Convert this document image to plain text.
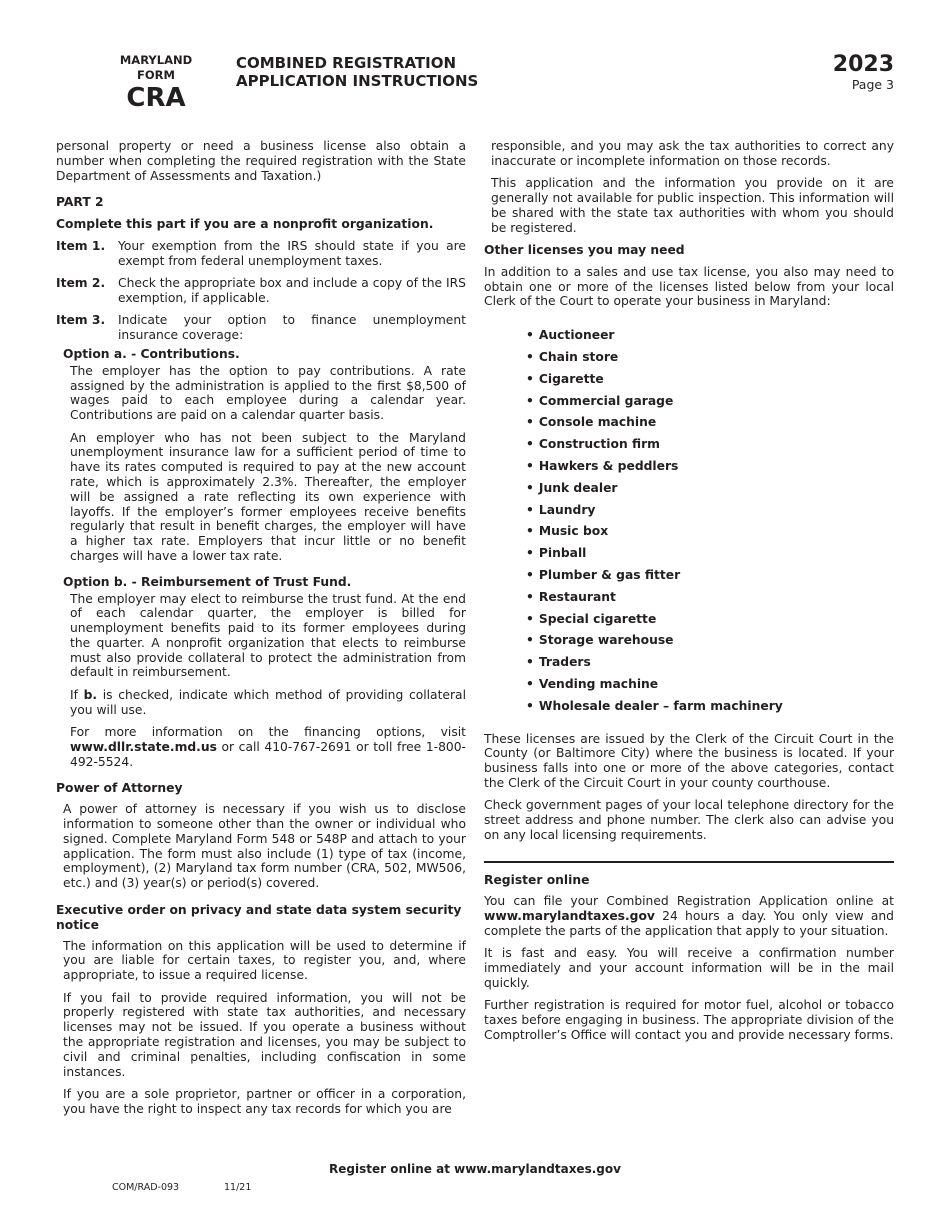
MARYLAND
FORM
CRA
COMBINED REGISTRATION
APPLICATION INSTRUCTIONS
2023
Page 3

personal property or need a business license also obtain a number when completing the required registration with the State Department of Assessments and Taxation.)

PART 2
Complete this part if you are a nonprofit organization.
Item 1.	Your exemption from the IRS should state if you are exempt from federal unemployment taxes.
Item 2.	Check the appropriate box and include a copy of the IRS exemption, if applicable.
Item 3.	Indicate your option to finance unemployment insurance coverage:
Option a. - Contributions.

The employer has the option to pay contributions. A rate assigned by the administration is applied to the first $8,500 of wages paid to each employee during a calendar year. Contributions are paid on a calendar quarter basis.

An employer who has not been subject to the Maryland unemployment insurance law for a sufficient period of time to have its rates computed is required to pay at the new account rate, which is approximately 2.3%. Thereafter, the employer will be assigned a rate reflecting its own experience with layoffs. If the employer’s former employees receive benefits regularly that result in benefit charges, the employer will have a higher tax rate. Employers that incur little or no benefit charges will have a lower tax rate.

Option b. - Reimbursement of Trust Fund.

The employer may elect to reimburse the trust fund. At the end of each calendar quarter, the employer is billed for unemployment benefits paid to its former employees during the quarter. A nonprofit organization that elects to reimburse must also provide collateral to protect the administration from default in reimbursement.

If b. is checked, indicate which method of providing collateral you will use.

For more information on the financing options, visit www.dllr.state.md.us or call 410-767-2691 or toll free 1-800-492-5524.

Power of Attorney

A power of attorney is necessary if you wish us to disclose information to someone other than the owner or individual who signed. Complete Maryland Form 548 or 548P and attach to your application. The form must also include (1) type of tax (income, employment), (2) Maryland tax form number (CRA, 502, MW506, etc.) and (3) year(s) or period(s) covered.

Executive order on privacy and state data system security notice

The information on this application will be used to determine if you are liable for certain taxes, to register you, and, where appropriate, to issue a required license.

If you fail to provide required information, you will not be properly registered with state tax authorities, and necessary licenses may not be issued. If you operate a business without the appropriate registration and licenses, you may be subject to civil and criminal penalties, including confiscation in some instances.

If you are a sole proprietor, partner or officer in a corporation, you have the right to inspect any tax records for which you are

responsible, and you may ask the tax authorities to correct any inaccurate or incomplete information on those records.

This application and the information you provide on it are generally not available for public inspection. This information will be shared with the state tax authorities with whom you should be registered.

Other licenses you may need

In addition to a sales and use tax license, you also may need to obtain one or more of the licenses listed below from your local Clerk of the Court to operate your business in Maryland:

• Auctioneer
• Chain store
• Cigarette
• Commercial garage
• Console machine
• Construction firm
• Hawkers & peddlers
• Junk dealer
• Laundry
• Music box
• Pinball
• Plumber & gas fitter
• Restaurant
• Special cigarette
• Storage warehouse
• Traders
• Vending machine
• Wholesale dealer – farm machinery

These licenses are issued by the Clerk of the Circuit Court in the County (or Baltimore City) where the business is located. If your business falls into one or more of the above categories, contact the Clerk of the Circuit Court in your county courthouse.

Check government pages of your local telephone directory for the street address and phone number. The clerk also can advise you on any local licensing requirements.

Register online

You can file your Combined Registration Application online at www.marylandtaxes.gov 24 hours a day. You only view and complete the parts of the application that apply to your situation.

It is fast and easy. You will receive a confirmation number immediately and your account information will be in the mail quickly.

Further registration is required for motor fuel, alcohol or tobacco taxes before engaging in business. The appropriate division of the Comptroller’s Office will contact you and provide necessary forms.

Register online at www.marylandtaxes.gov
COM/RAD-093	11/21
